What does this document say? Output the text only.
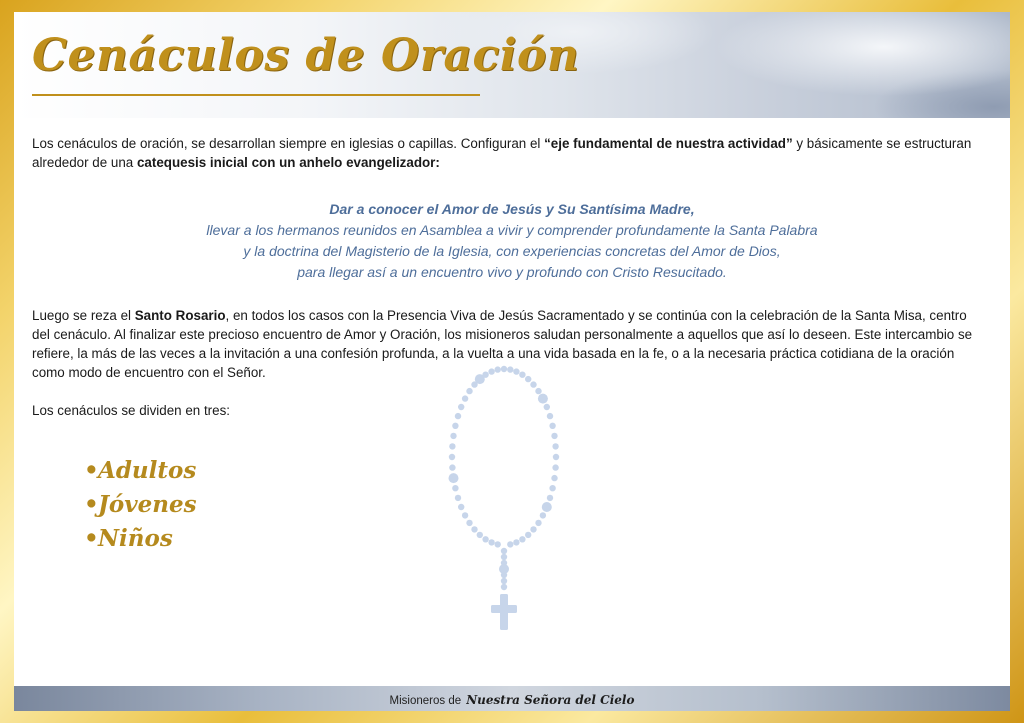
Cenáculos de Oración

Los cenáculos de oración, se desarrollan siempre en iglesias o capillas. Configuran el “eje fundamental de nuestra actividad” y básicamente se estructuran alrededor de una catequesis inicial con un anhelo evangelizador:

Dar a conocer el Amor de Jesús y Su Santísima Madre,
llevar a los hermanos reunidos en Asamblea a vivir y comprender profundamente la Santa Palabra
y la doctrina del Magisterio de la Iglesia, con experiencias concretas del Amor de Dios,
para llegar así a un encuentro vivo y profundo con Cristo Resucitado.

Luego se reza el Santo Rosario, en todos los casos con la Presencia Viva de Jesús Sacramentado y se continúa con la celebración de la Santa Misa, centro del cenáculo. Al finalizar este precioso encuentro de Amor y Oración, los misioneros saludan personalmente a aquellos que así lo deseen. Este intercambio se refiere, la más de las veces a la invitación a una confesión profunda, a la vuelta a una vida basada en la fe, o a la necesaria práctica cotidiana de la oración como modo de encuentro con el Señor.

Los cenáculos se dividen en tres:

•Adultos
•Jóvenes
•Niños
Misioneros de Nuestra Señora del Cielo
